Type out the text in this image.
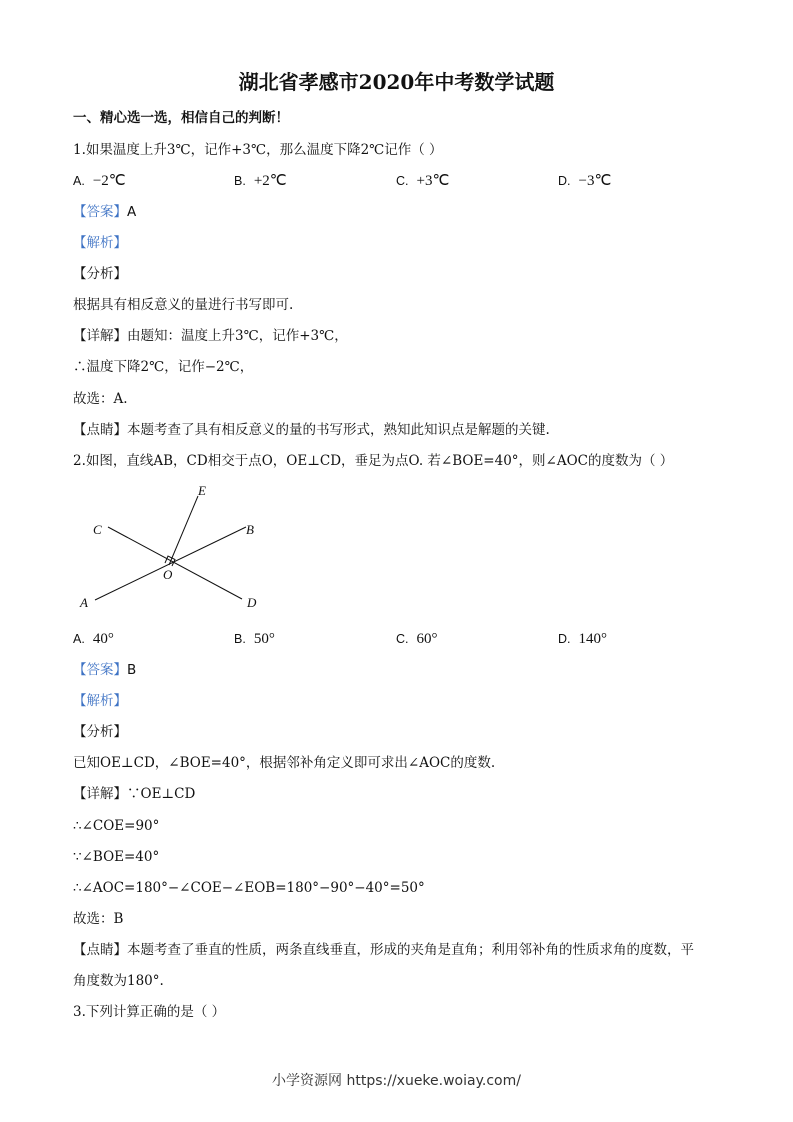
湖北省孝感市2020年中考数学试题
一、精心选一选，相信自己的判断！
1.如果温度上升3℃，记作+3℃，那么温度下降2℃记作（ ）
A. −2℃	B. +2℃	C. +3℃	D. −3℃
【答案】A
【解析】
【分析】
根据具有相反意义的量进行书写即可.
【详解】由题知：温度上升3℃，记作+3℃，
∴温度下降2℃，记作−2℃，
故选：A.
【点睛】本题考查了具有相反意义的量的书写形式，熟知此知识点是解题的关键.
2.如图，直线AB，CD相交于点O，OE⊥CD，垂足为点O. 若∠BOE=40°，则∠AOC的度数为（ ）
E
C	B
O
A	D
A. 40°	B. 50°	C. 60°	D. 140°
【答案】B
【解析】
【分析】
已知OE⊥CD，∠BOE=40°，根据邻补角定义即可求出∠AOC的度数.
【详解】∵OE⊥CD
∴∠COE=90°
∵∠BOE=40°
∴∠AOC=180°−∠COE−∠EOB=180°−90°−40°=50°
故选：B
【点睛】本题考查了垂直的性质，两条直线垂直，形成的夹角是直角；利用邻补角的性质求角的度数，平
角度数为180°.
3.下列计算正确的是（ ）
小学资源网 https://xueke.woiay.com/
